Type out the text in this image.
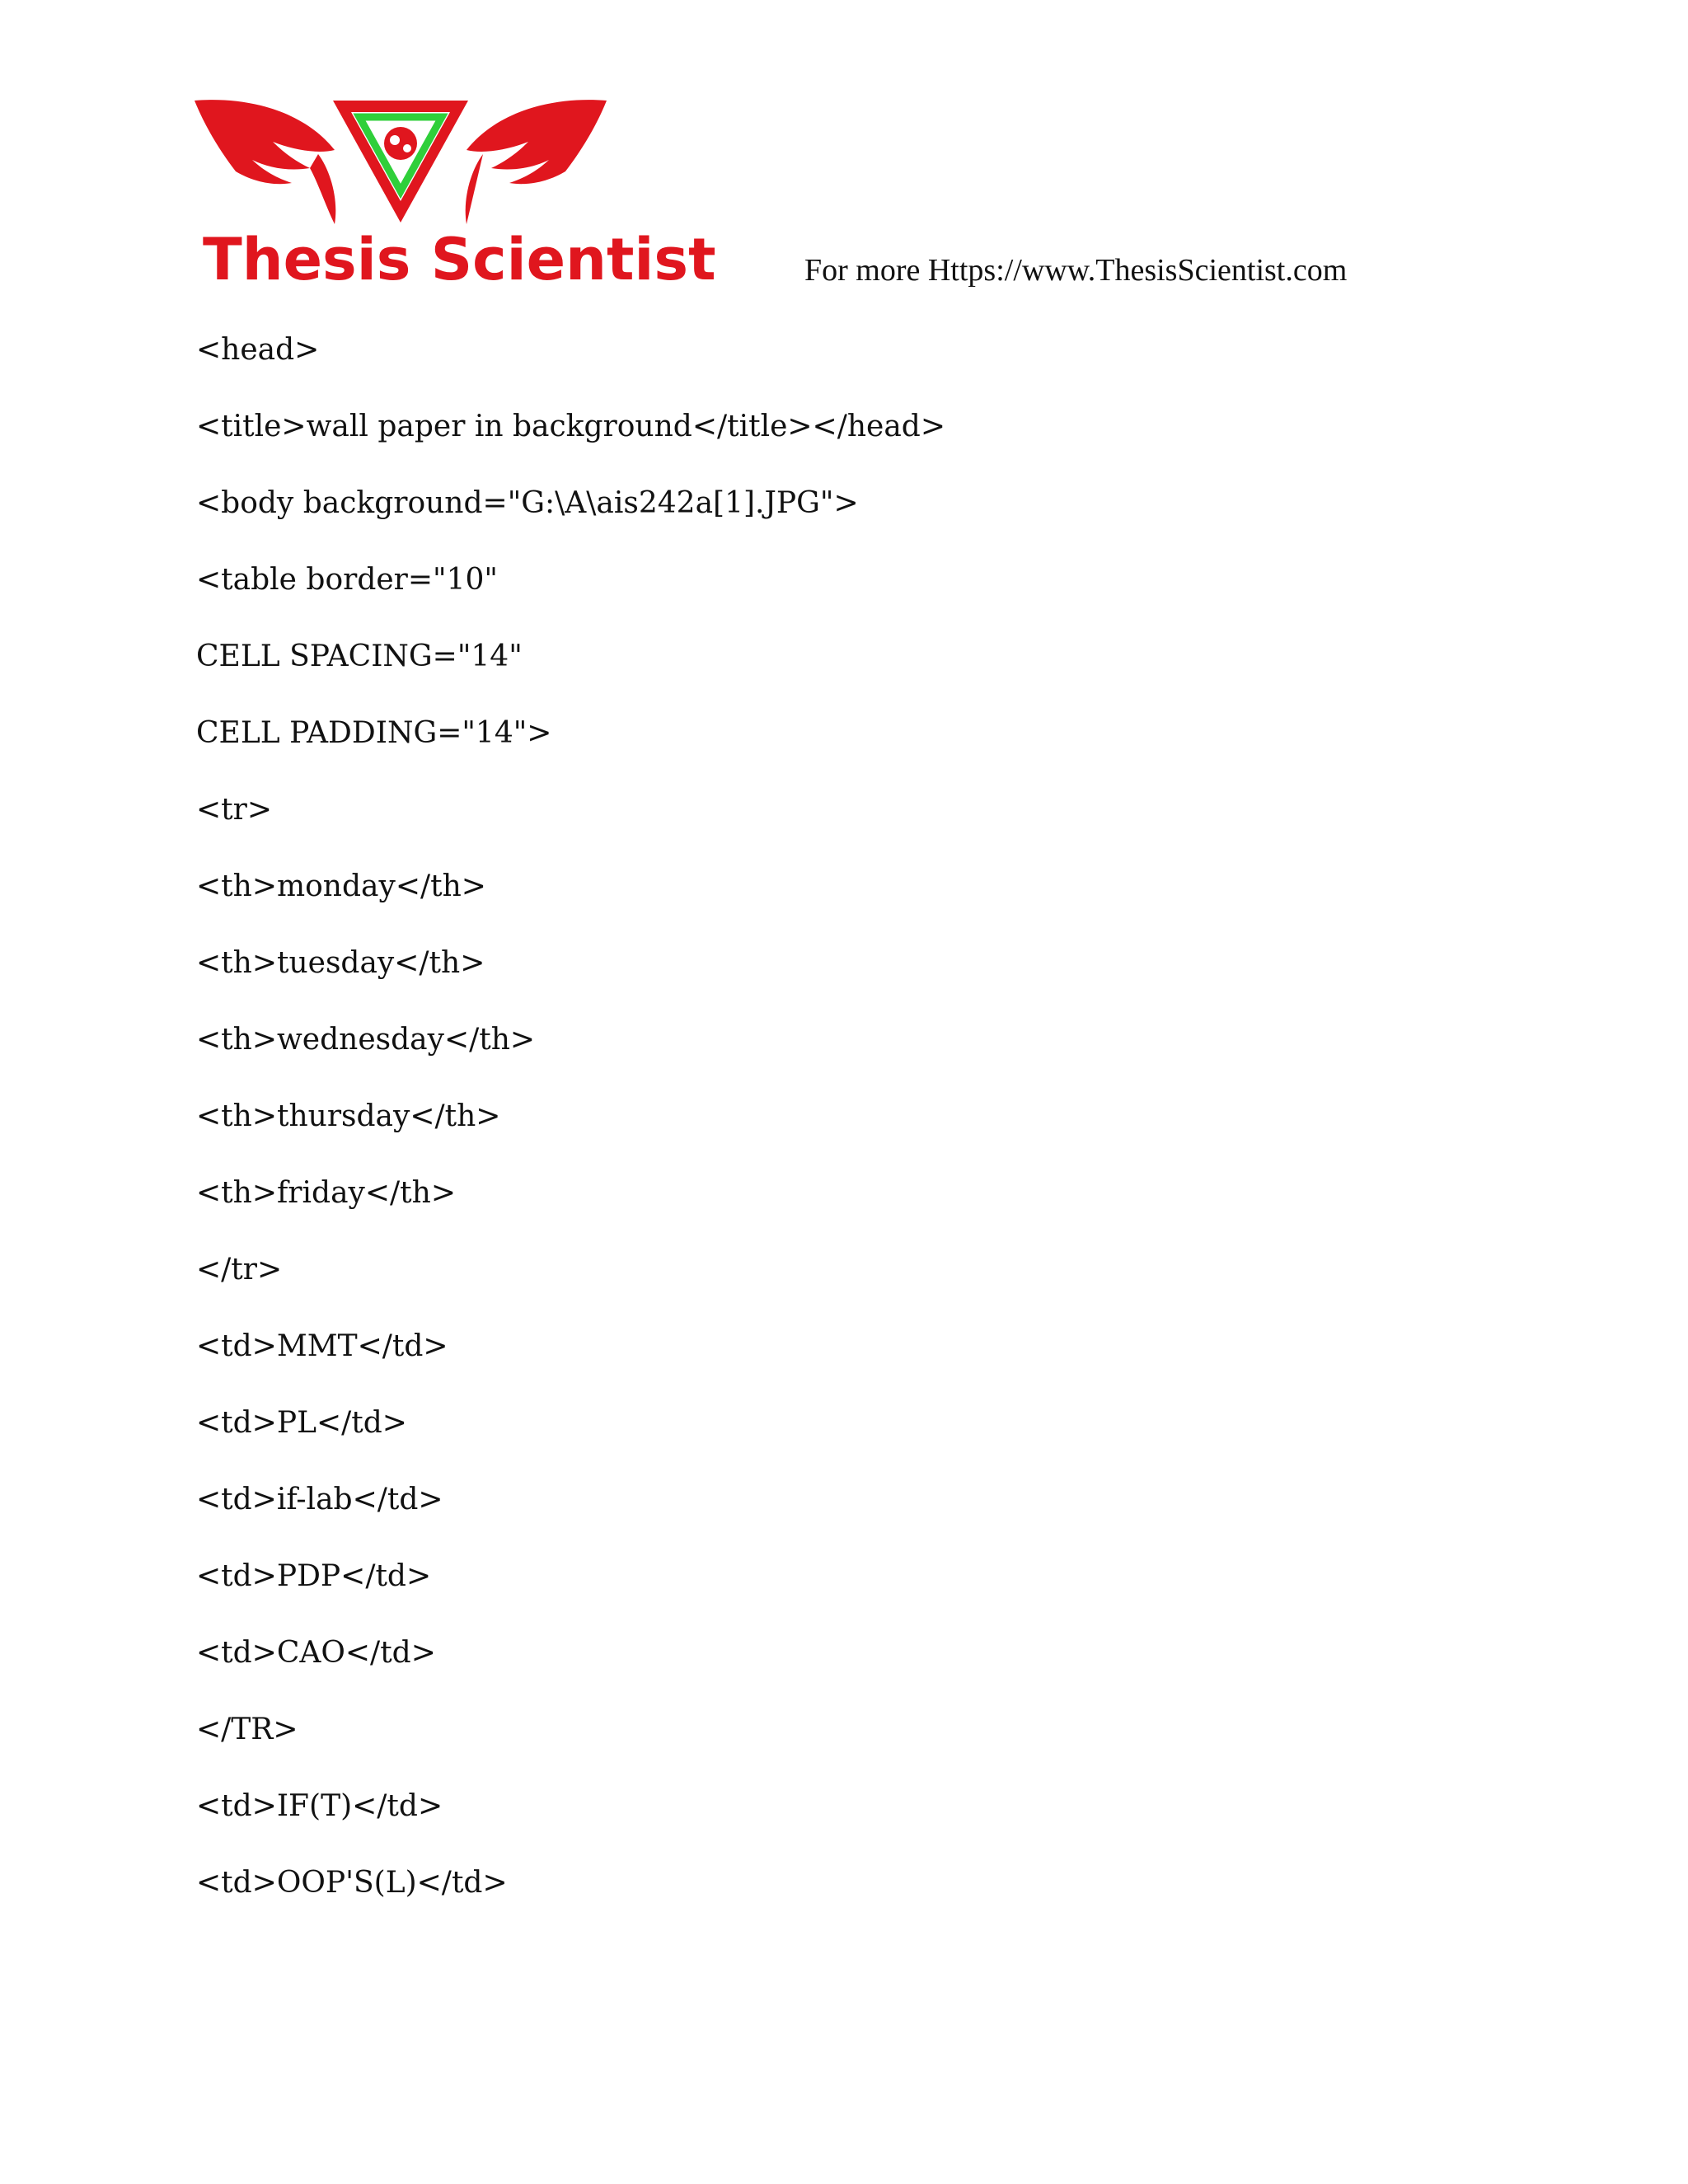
Thesis Scientist	For more Https://www.ThesisScientist.com
<head>
<title>wall paper in background</title></head>
<body background="G:\A\ais242a[1].JPG">
<table border="10"
CELL SPACING="14"
CELL PADDING="14">
<tr>
<th>monday</th>
<th>tuesday</th>
<th>wednesday</th>
<th>thursday</th>
<th>friday</th>
</tr>
<td>MMT</td>
<td>PL</td>
<td>if-lab</td>
<td>PDP</td>
<td>CAO</td>
</TR>
<td>IF(T)</td>
<td>OOP'S(L)</td>
